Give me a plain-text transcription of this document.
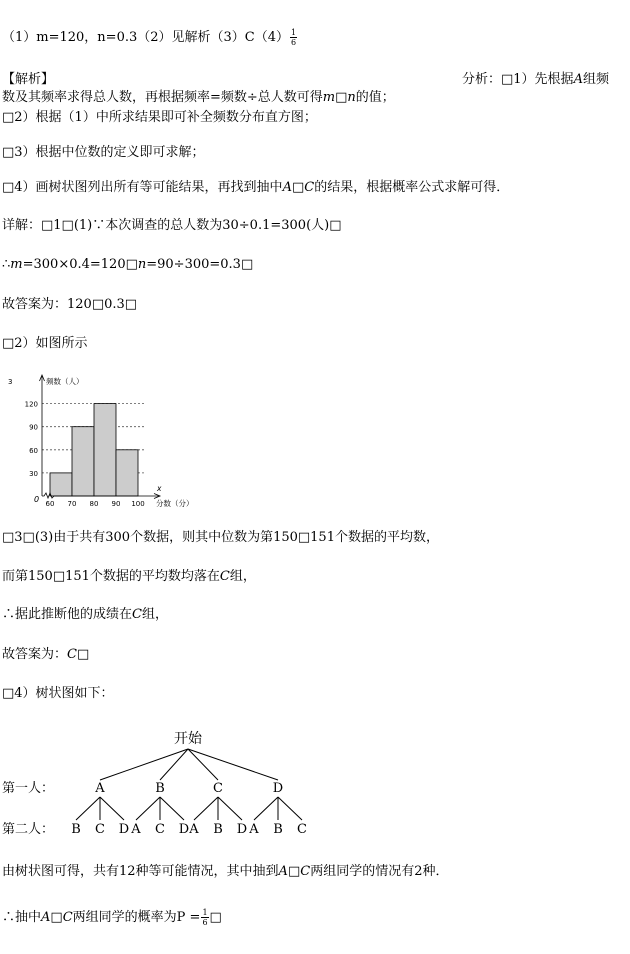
（1）m=120，n=0.3（2）见解析$(3)C(4) \frac{1}{6}$
【解析】	分析：□1）先根据A组频
数及其频率求得总人数，再根据频率=频数÷总人数可得m□n的值；
□2）根据（1）中所求结果即可补全频数分布直方图；
□3）根据中位数的定义即可求解；
□4）画树状图列出所有等可能结果，再找到抽中A□C的结果，根据概率公式求解可得．
详解：□1□(1)∵本次调查的总人数为30÷0.1=300(人)□
∴m=300×0.4=120□n=90÷300=0.3□
故答案为：120□0.3□
□2）如图所示
30
60
90
120
60 70 80 90 100
频数（人）
3
x
分数（分）
0
□3□(3)由于共有300个数据，则其中位数为第150□151个数据的平均数，
而第150□151个数据的平均数均落在C组，
∴据此推断他的成绩在C组，
故答案为：C□
□4）树状图如下：
开始
第一人：
第二人：
A
B C D
B
A C D
C
A B D
D
A B C
由树状图可得，共有12种等可能情况，其中抽到A□C两组同学的情况有2种．
∴抽中A□C两组同学的概率为$P = \frac{1}{6}$ □
